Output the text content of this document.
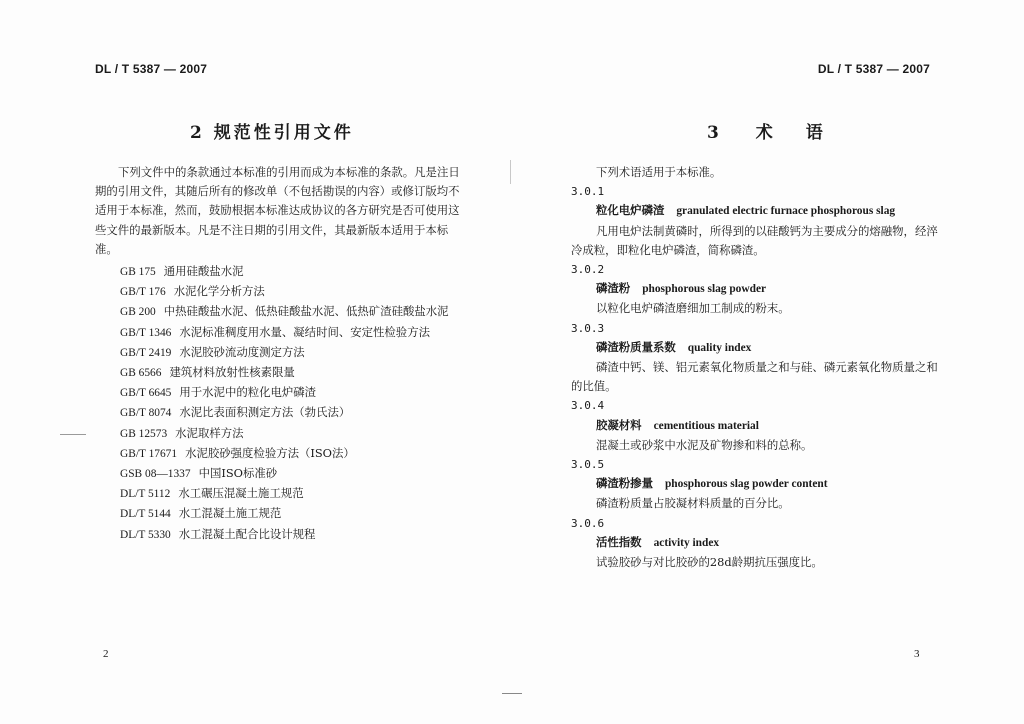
DL / T 5387 — 2007
2 规范性引用文件
下列文件中的条款通过本标准的引用而成为本标准的条款。凡是注日期的引用文件，其随后所有的修改单（不包括勘误的内容）或修订版均不适用于本标准，然而，鼓励根据本标准达成协议的各方研究是否可使用这些文件的最新版本。凡是不注日期的引用文件，其最新版本适用于本标准。
GB 175 通用硅酸盐水泥
GB/T 176 水泥化学分析方法
GB 200 中热硅酸盐水泥、低热硅酸盐水泥、低热矿渣硅酸盐水泥
GB/T 1346 水泥标准稠度用水量、凝结时间、安定性检验方法
GB/T 2419 水泥胶砂流动度测定方法
GB 6566 建筑材料放射性核素限量
GB/T 6645 用于水泥中的粒化电炉磷渣
GB/T 8074 水泥比表面积测定方法（勃氏法）
GB 12573 水泥取样方法
GB/T 17671 水泥胶砂强度检验方法（ISO法）
GSB 08—1337 中国ISO标准砂
DL/T 5112 水工碾压混凝土施工规范
DL/T 5144 水工混凝土施工规范
DL/T 5330 水工混凝土配合比设计规程
2
DL / T 5387 — 2007
3 术 语
下列术语适用于本标准。
3.0.1
粒化电炉磷渣 granulated electric furnace phosphorous slag
凡用电炉法制黄磷时，所得到的以硅酸钙为主要成分的熔融物，经淬冷成粒，即粒化电炉磷渣，简称磷渣。
3.0.2
磷渣粉 phosphorous slag powder
以粒化电炉磷渣磨细加工制成的粉末。
3.0.3
磷渣粉质量系数 quality index
磷渣中钙、镁、铝元素氧化物质量之和与硅、磷元素氧化物质量之和的比值。
3.0.4
胶凝材料 cementitious material
混凝土或砂浆中水泥及矿物掺和料的总称。
3.0.5
磷渣粉掺量 phosphorous slag powder content
磷渣粉质量占胶凝材料质量的百分比。
3.0.6
活性指数 activity index
试验胶砂与对比胶砂的28d龄期抗压强度比。
3
